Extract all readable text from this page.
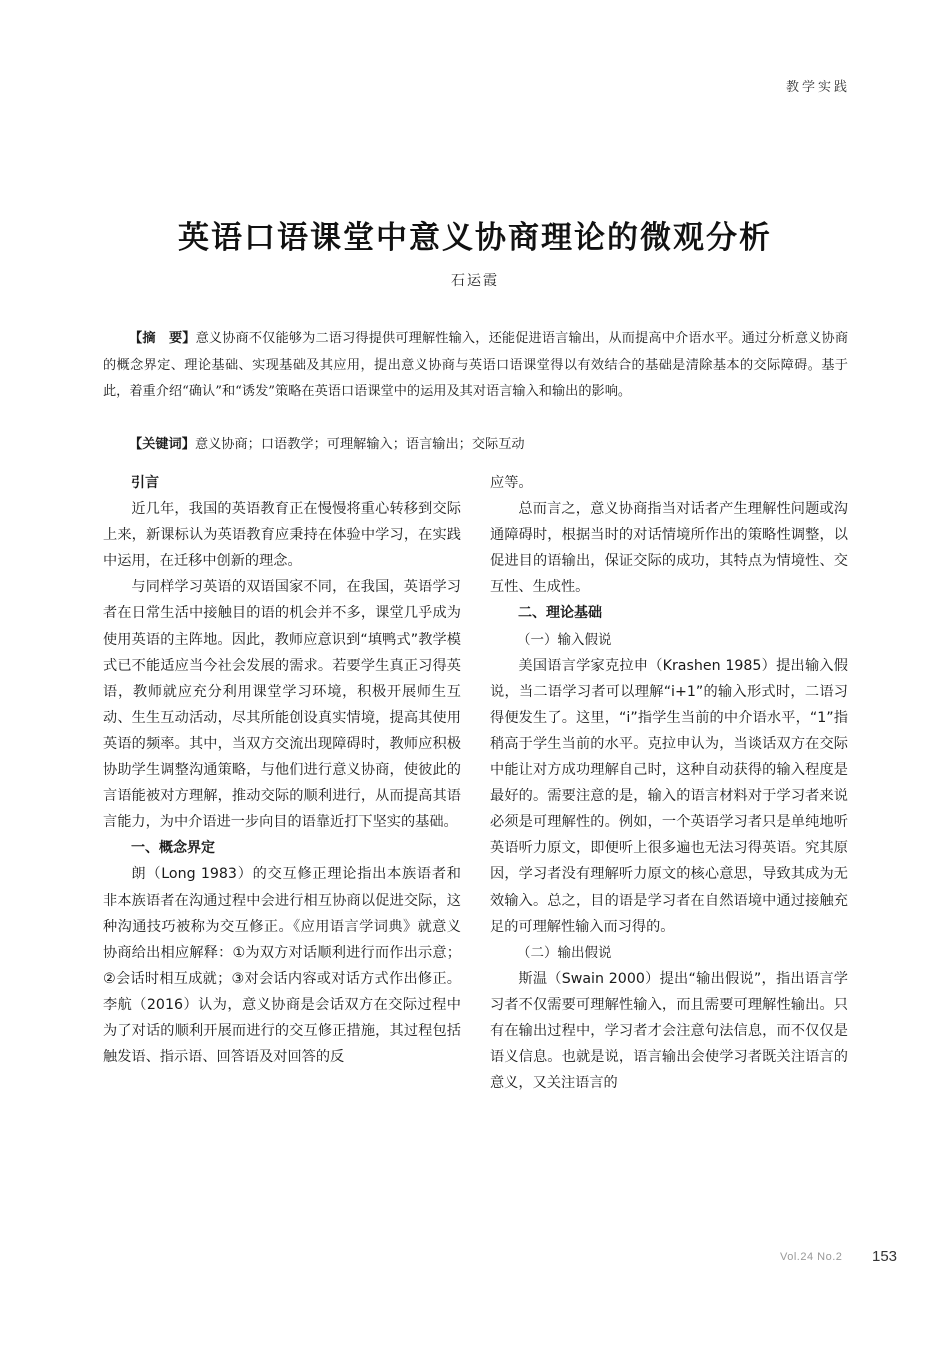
教学实践
英语口语课堂中意义协商理论的微观分析
石运霞

【摘　要】意义协商不仅能够为二语习得提供可理解性输入，还能促进语言输出，从而提高中介语水平。通过分析意义协商的概念界定、理论基础、实现基础及其应用，提出意义协商与英语口语课堂得以有效结合的基础是清除基本的交际障碍。基于此，着重介绍“确认”和“诱发”策略在英语口语课堂中的运用及其对语言输入和输出的影响。

【关键词】意义协商；口语教学；可理解输入；语言输出；交际互动

引言

近几年，我国的英语教育正在慢慢将重心转移到交际上来，新课标认为英语教育应秉持在体验中学习，在实践中运用，在迁移中创新的理念。

与同样学习英语的双语国家不同，在我国，英语学习者在日常生活中接触目的语的机会并不多，课堂几乎成为使用英语的主阵地。因此，教师应意识到“填鸭式”教学模式已不能适应当今社会发展的需求。若要学生真正习得英语，教师就应充分利用课堂学习环境，积极开展师生互动、生生互动活动，尽其所能创设真实情境，提高其使用英语的频率。其中，当双方交流出现障碍时，教师应积极协助学生调整沟通策略，与他们进行意义协商，使彼此的言语能被对方理解，推动交际的顺利进行，从而提高其语言能力，为中介语进一步向目的语靠近打下坚实的基础。

一、概念界定

朗（Long 1983）的交互修正理论指出本族语者和非本族语者在沟通过程中会进行相互协商以促进交际，这种沟通技巧被称为交互修正。《应用语言学词典》就意义协商给出相应解释：①为双方对话顺利进行而作出示意；②会话时相互成就；③对会话内容或对话方式作出修正。李航（2016）认为，意义协商是会话双方在交际过程中为了对话的顺利开展而进行的交互修正措施，其过程包括触发语、指示语、回答语及对回答的反

应等。

总而言之，意义协商指当对话者产生理解性问题或沟通障碍时，根据当时的对话情境所作出的策略性调整，以促进目的语输出，保证交际的成功，其特点为情境性、交互性、生成性。

二、理论基础
（一）输入假说

美国语言学家克拉申（Krashen 1985）提出输入假说，当二语学习者可以理解“i+1”的输入形式时，二语习得便发生了。这里，“i”指学生当前的中介语水平，“1”指稍高于学生当前的水平。克拉申认为，当谈话双方在交际中能让对方成功理解自己时，这种自动获得的输入程度是最好的。需要注意的是，输入的语言材料对于学习者来说必须是可理解性的。例如，一个英语学习者只是单纯地听英语听力原文，即便听上很多遍也无法习得英语。究其原因，学习者没有理解听力原文的核心意思，导致其成为无效输入。总之，目的语是学习者在自然语境中通过接触充足的可理解性输入而习得的。

（二）输出假说

斯温（Swain 2000）提出“输出假说”，指出语言学习者不仅需要可理解性输入，而且需要可理解性输出。只有在输出过程中，学习者才会注意句法信息，而不仅仅是语义信息。也就是说，语言输出会使学习者既关注语言的意义，又关注语言的

Vol.24 No.2 153
